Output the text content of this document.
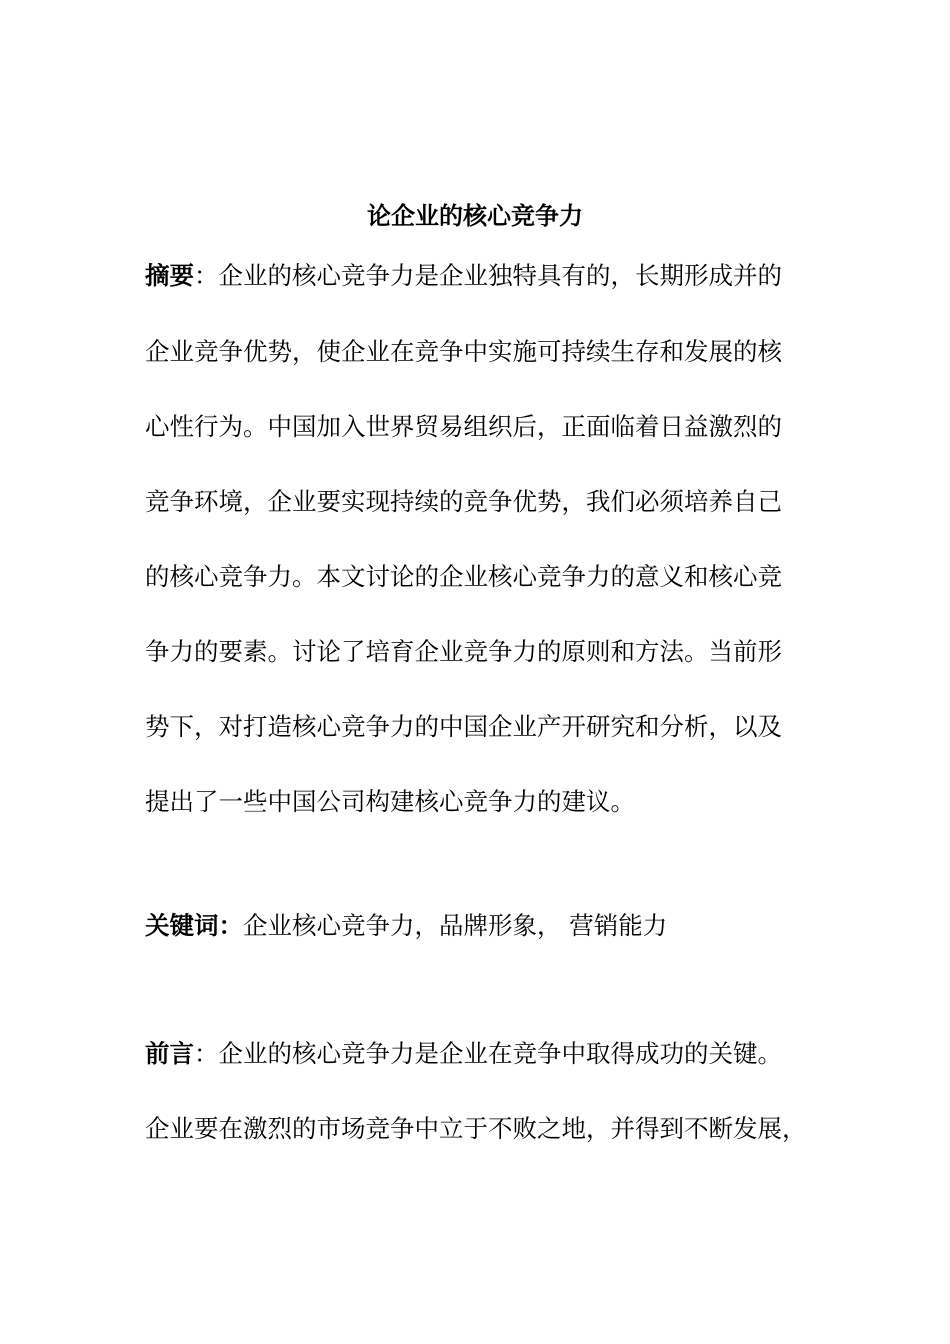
论企业的核心竞争力

摘要：企业的核心竞争力是企业独特具有的，长期形成并的

企业竞争优势，使企业在竞争中实施可持续生存和发展的核

心性行为。中国加入世界贸易组织后，正面临着日益激烈的

竞争环境，企业要实现持续的竞争优势，我们必须培养自己

的核心竞争力。本文讨论的企业核心竞争力的意义和核心竞

争力的要素。讨论了培育企业竞争力的原则和方法。当前形

势下，对打造核心竞争力的中国企业产开研究和分析，以及

提出了一些中国公司构建核心竞争力的建议。

关键词：企业核心竞争力，品牌形象， 营销能力

前言：企业的核心竞争力是企业在竞争中取得成功的关键。

企业要在激烈的市场竞争中立于不败之地，并得到不断发展，
